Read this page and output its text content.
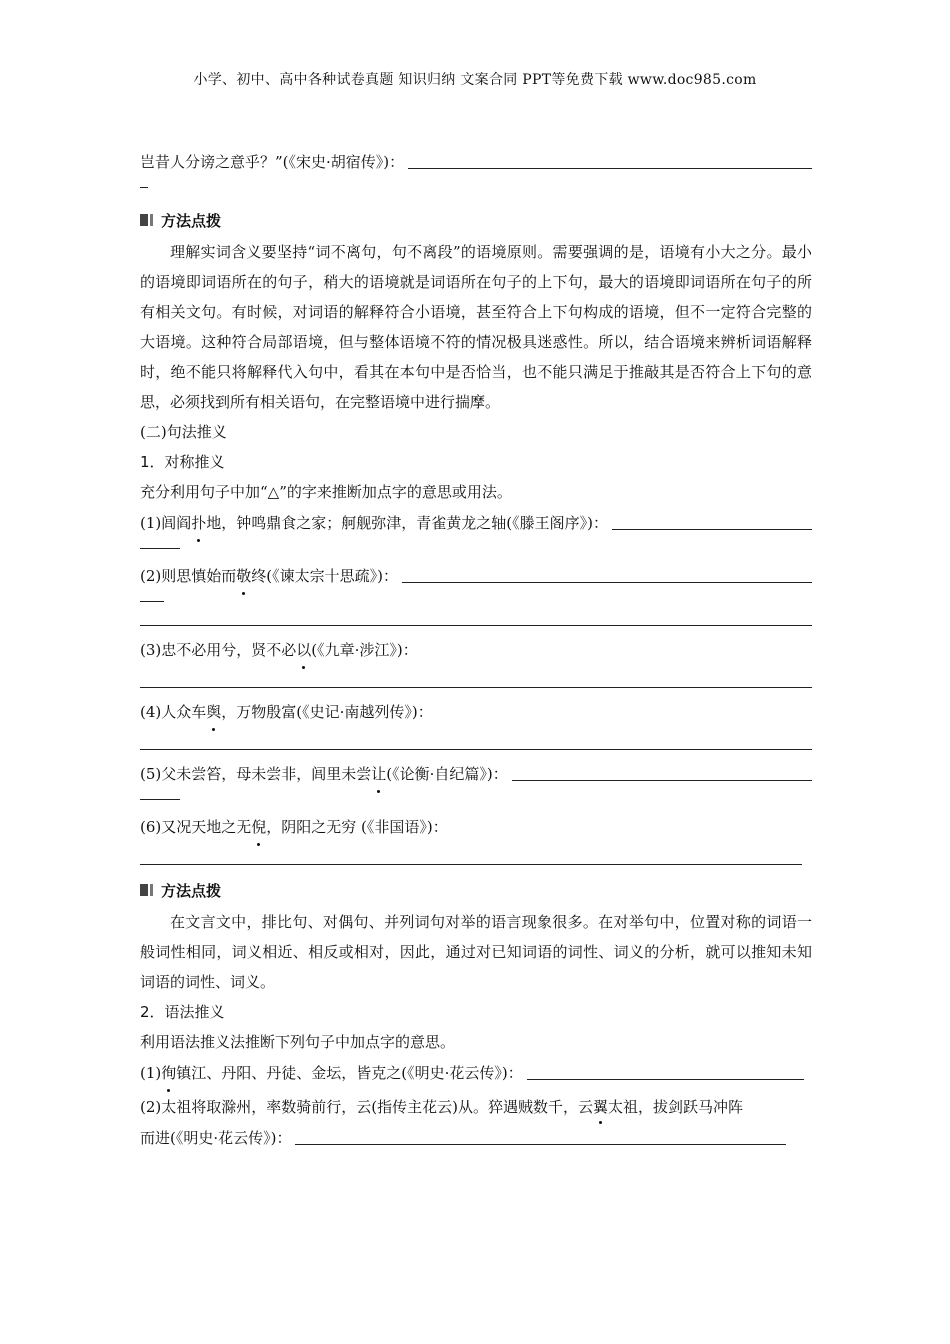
小学、初中、高中各种试卷真题 知识归纳 文案合同 PPT等免费下载 www.doc985.com
岂昔人分谤之意乎？”(《宋史·胡宿传》)：
方法点拨

理解实词含义要坚持“词不离句，句不离段”的语境原则。需要强调的是，语境有小大之分。最小的语境即词语所在的句子，稍大的语境就是词语所在句子的上下句，最大的语境即词语所在句子的所有相关文句。有时候，对词语的解释符合小语境，甚至符合上下句构成的语境，但不一定符合完整的大语境。这种符合局部语境，但与整体语境不符的情况极具迷惑性。所以，结合语境来辨析词语解释时，绝不能只将解释代入句中，看其在本句中是否恰当，也不能只满足于推敲其是否符合上下句的意思，必须找到所有相关语句，在完整语境中进行揣摩。

(二)句法推义
1．对称推义
充分利用句子中加“△”的字来推断加点字的意思或用法。
(1)闾阎扑地，钟鸣鼎食之家；舸舰弥津，青雀黄龙之轴(《滕王阁序》)：
(2)则思慎始而敬终(《谏太宗十思疏》)：
(3)忠不必用兮，贤不必以(《九章·涉江》)：
(4)人众车舆，万物殷富(《史记·南越列传》)：
(5)父未尝笞，母未尝非，闾里未尝让(《论衡·自纪篇》)：
(6)又况天地之无倪，阴阳之无穷 (《非国语》)：
方法点拨

在文言文中，排比句、对偶句、并列词句对举的语言现象很多。在对举句中，位置对称的词语一般词性相同，词义相近、相反或相对，因此，通过对已知词语的词性、词义的分析，就可以推知未知词语的词性、词义。

2．语法推义
利用语法推义法推断下列句子中加点字的意思。
(1)徇镇江、丹阳、丹徒、金坛，皆克之(《明史·花云传》)：
(2)太祖将取滁州，率数骑前行，云(指传主花云)从。猝遇贼数千，云翼太祖，拔剑跃马冲阵
而进(《明史·花云传》)：
